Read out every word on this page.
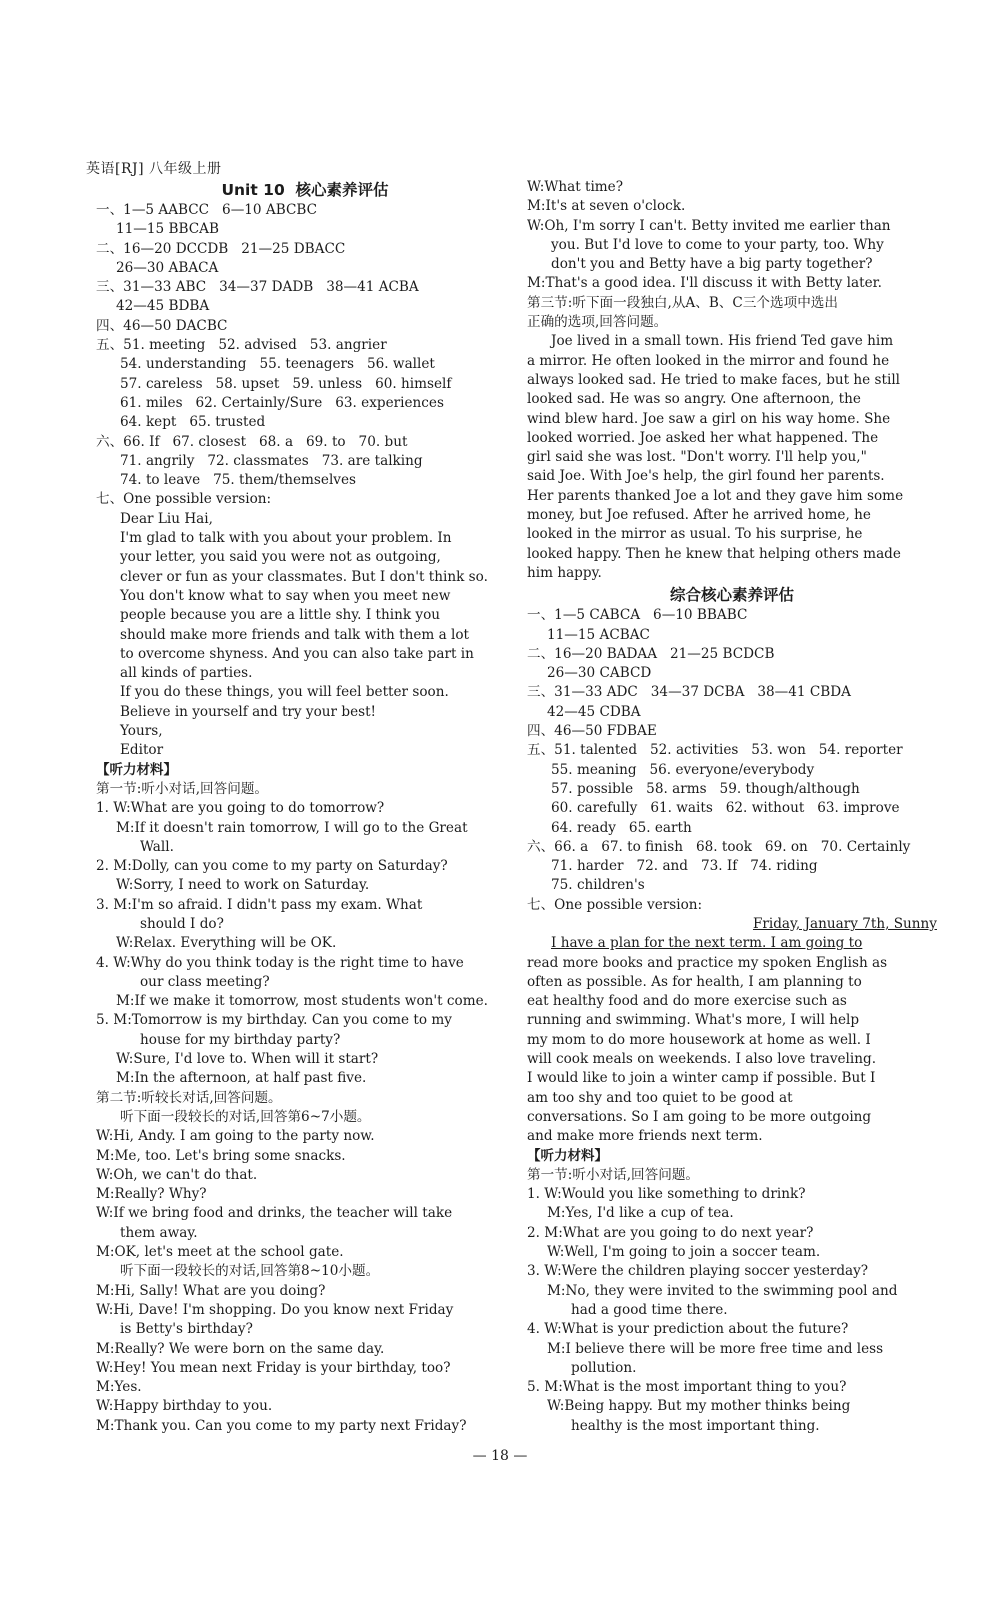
英语[RJ] 八年级上册
Unit 10  核心素养评估
一、1—5 AABCC   6—10 ABCBC
11—15 BBCAB
二、16—20 DCCDB   21—25 DBACC
26—30 ABACA
三、31—33 ABC   34—37 DADB   38—41 ACBA
42—45 BDBA
四、46—50 DACBC
五、51. meeting   52. advised   53. angrier
54. understanding   55. teenagers   56. wallet
57. careless   58. upset   59. unless   60. himself
61. miles   62. Certainly/Sure   63. experiences
64. kept   65. trusted
六、66. If   67. closest   68. a   69. to   70. but
71. angrily   72. classmates   73. are talking
74. to leave   75. them/themselves
七、One possible version:
Dear Liu Hai,
I'm glad to talk with you about your problem. In
your letter, you said you were not as outgoing,
clever or fun as your classmates. But I don't think so.
You don't know what to say when you meet new
people because you are a little shy. I think you
should make more friends and talk with them a lot
to overcome shyness. And you can also take part in
all kinds of parties.
If you do these things, you will feel better soon.
Believe in yourself and try your best!
Yours,
Editor
【听力材料】
第一节:听小对话,回答问题。
1. W:What are you going to do tomorrow?
M:If it doesn't rain tomorrow, I will go to the Great
Wall.
2. M:Dolly, can you come to my party on Saturday?
W:Sorry, I need to work on Saturday.
3. M:I'm so afraid. I didn't pass my exam. What
should I do?
W:Relax. Everything will be OK.
4. W:Why do you think today is the right time to have
our class meeting?
M:If we make it tomorrow, most students won't come.
5. M:Tomorrow is my birthday. Can you come to my
house for my birthday party?
W:Sure, I'd love to. When will it start?
M:In the afternoon, at half past five.
第二节:听较长对话,回答问题。
听下面一段较长的对话,回答第6~7小题。
W:Hi, Andy. I am going to the party now.
M:Me, too. Let's bring some snacks.
W:Oh, we can't do that.
M:Really? Why?
W:If we bring food and drinks, the teacher will take
them away.
M:OK, let's meet at the school gate.
听下面一段较长的对话,回答第8~10小题。
M:Hi, Sally! What are you doing?
W:Hi, Dave! I'm shopping. Do you know next Friday
is Betty's birthday?
M:Really? We were born on the same day.
W:Hey! You mean next Friday is your birthday, too?
M:Yes.
W:Happy birthday to you.
M:Thank you. Can you come to my party next Friday?
W:What time?
M:It's at seven o'clock.
W:Oh, I'm sorry I can't. Betty invited me earlier than
you. But I'd love to come to your party, too. Why
don't you and Betty have a big party together?
M:That's a good idea. I'll discuss it with Betty later.
第三节:听下面一段独白,从A、B、C三个选项中选出
正确的选项,回答问题。
Joe lived in a small town. His friend Ted gave him
a mirror. He often looked in the mirror and found he
always looked sad. He tried to make faces, but he still
looked sad. He was so angry. One afternoon, the
wind blew hard. Joe saw a girl on his way home. She
looked worried. Joe asked her what happened. The
girl said she was lost. "Don't worry. I'll help you,"
said Joe. With Joe's help, the girl found her parents.
Her parents thanked Joe a lot and they gave him some
money, but Joe refused. After he arrived home, he
looked in the mirror as usual. To his surprise, he
looked happy. Then he knew that helping others made
him happy.
综合核心素养评估
一、1—5 CABCA   6—10 BBABC
11—15 ACBAC
二、16—20 BADAA   21—25 BCDCB
26—30 CABCD
三、31—33 ADC   34—37 DCBA   38—41 CBDA
42—45 CDBA
四、46—50 FDBAE
五、51. talented   52. activities   53. won   54. reporter
55. meaning   56. everyone/everybody
57. possible   58. arms   59. though/although
60. carefully   61. waits   62. without   63. improve
64. ready   65. earth
六、66. a   67. to finish   68. took   69. on   70. Certainly
71. harder   72. and   73. If   74. riding
75. children's
七、One possible version:
Friday, January 7th, Sunny
I have a plan for the next term. I am going to
read more books and practice my spoken English as
often as possible. As for health, I am planning to
eat healthy food and do more exercise such as
running and swimming. What's more, I will help
my mom to do more housework at home as well. I
will cook meals on weekends. I also love traveling.
I would like to join a winter camp if possible. But I
am too shy and too quiet to be good at
conversations. So I am going to be more outgoing
and make more friends next term.
【听力材料】
第一节:听小对话,回答问题。
1. W:Would you like something to drink?
M:Yes, I'd like a cup of tea.
2. M:What are you going to do next year?
W:Well, I'm going to join a soccer team.
3. W:Were the children playing soccer yesterday?
M:No, they were invited to the swimming pool and
had a good time there.
4. W:What is your prediction about the future?
M:I believe there will be more free time and less
pollution.
5. M:What is the most important thing to you?
W:Being happy. But my mother thinks being
healthy is the most important thing.
— 18 —
